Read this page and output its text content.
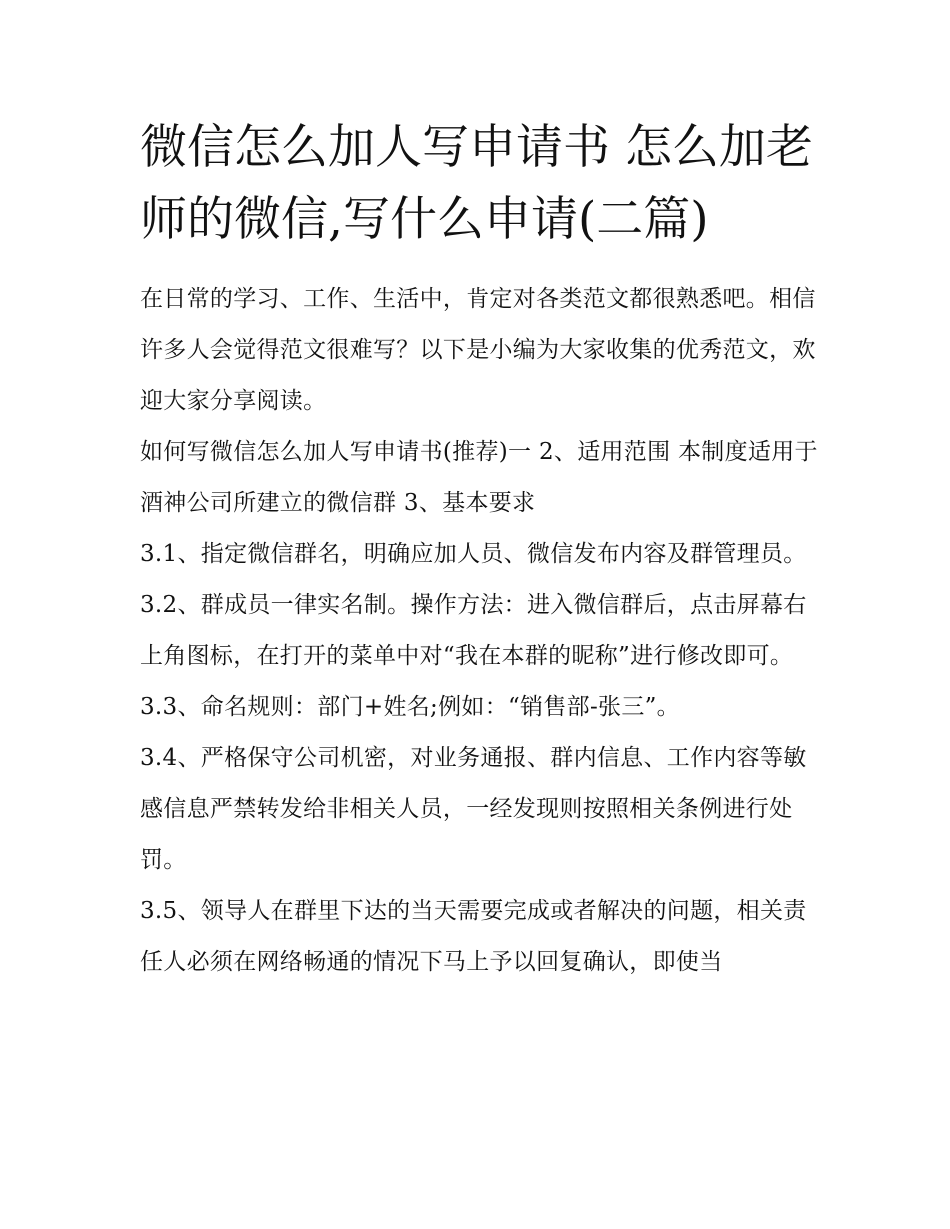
微信怎么加人写申请书 怎么加老师的微信,写什么申请(二篇)

在日常的学习、工作、生活中，肯定对各类范文都很熟悉吧。相信许多人会觉得范文很难写？以下是小编为大家收集的优秀范文，欢迎大家分享阅读。

如何写微信怎么加人写申请书(推荐)一 2、适用范围 本制度适用于酒神公司所建立的微信群 3、基本要求

3.1、指定微信群名，明确应加人员、微信发布内容及群管理员。

3.2、群成员一律实名制。操作方法：进入微信群后，点击屏幕右上角图标，在打开的菜单中对“我在本群的昵称”进行修改即可。

3.3、命名规则：部门+姓名;例如：“销售部-张三”。

3.4、严格保守公司机密，对业务通报、群内信息、工作内容等敏感信息严禁转发给非相关人员，一经发现则按照相关条例进行处罚。

3.5、领导人在群里下达的当天需要完成或者解决的问题，相关责任人必须在网络畅通的情况下马上予以回复确认，即使当
